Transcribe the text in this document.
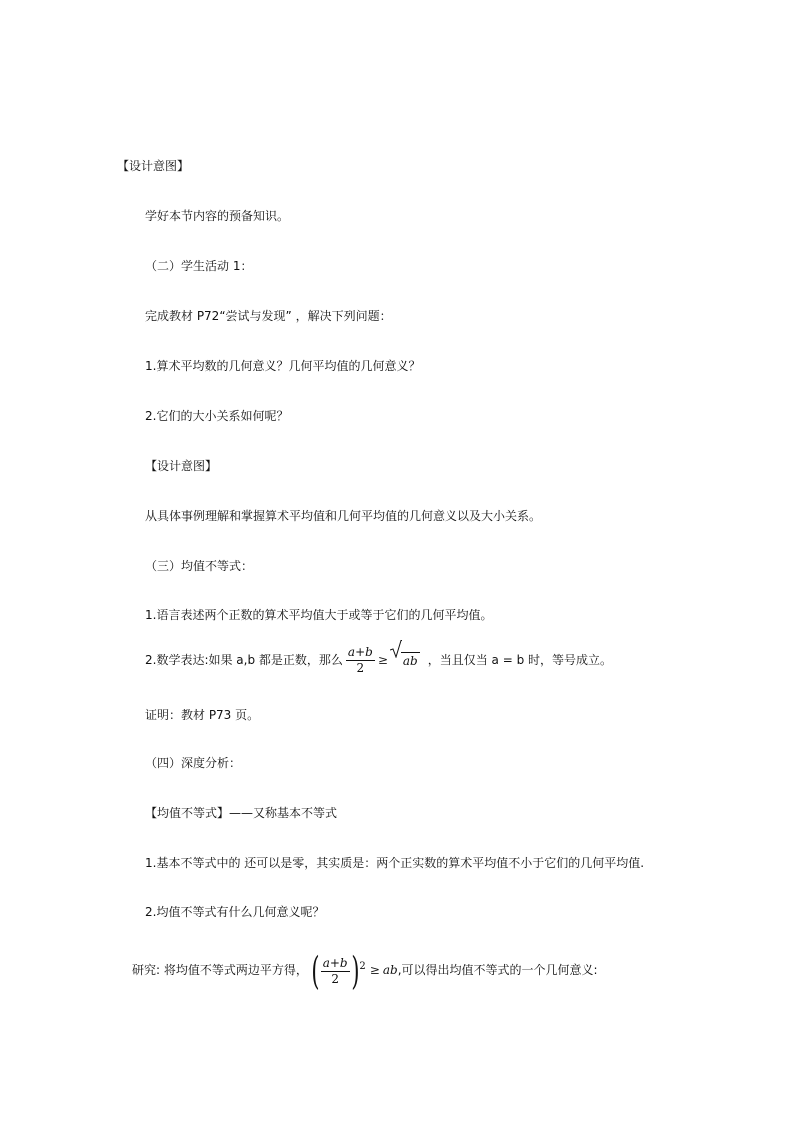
【设计意图】
学好本节内容的预备知识。
（二）学生活动 1：
完成教材 P72“尝试与发现” ，解决下列问题：
1.算术平均数的几何意义？几何平均值的几何意义？
2.它们的大小关系如何呢？
【设计意图】
从具体事例理解和掌握算术平均值和几何平均值的几何意义以及大小关系。
（三）均值不等式：
1.语言表述两个正数的算术平均值大于或等于它们的几何平均值。
2.数学表达:如果 a,b 都是正数，那么 $\frac{a+b}{2}$ ≥ ab ，当且仅当 a = b 时，等号成立。
证明：教材 P73 页。
（四）深度分析：
【均值不等式】——又称基本不等式
1.基本不等式中的 还可以是零，其实质是：两个正实数的算术平均值不小于它们的几何平均值.
2.均值不等式有什么几何意义呢？
研究: 将均值不等式两边平方得，( $\frac{a+b}{2} )2$ ≥ ab,可以得出均值不等式的一个几何意义:
